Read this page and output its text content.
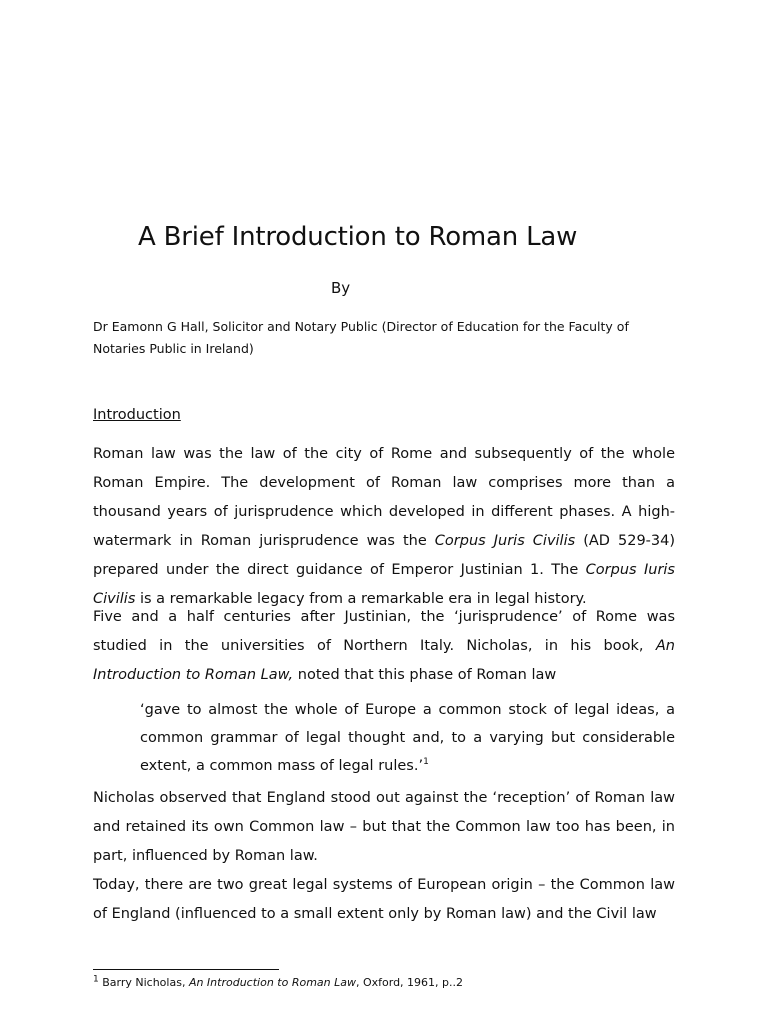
A Brief Introduction to Roman Law
By
Dr Eamonn G Hall, Solicitor and Notary Public (Director of Education for the Faculty of Notaries Public in Ireland)
Introduction

Roman law was the law of the city of Rome and subsequently of the whole Roman Empire. The development of Roman law comprises more than a thousand years of jurisprudence which developed in different phases. A high-watermark in Roman jurisprudence was the Corpus Juris Civilis (AD 529-34) prepared under the direct guidance of Emperor Justinian 1. The Corpus Iuris Civilis is a remarkable legacy from a remarkable era in legal history.

Five and a half centuries after Justinian, the ‘jurisprudence’ of Rome was studied in the universities of Northern Italy. Nicholas, in his book, An Introduction to Roman Law, noted that this phase of Roman law

‘gave to almost the whole of Europe a common stock of legal ideas, a common grammar of legal thought and, to a varying but considerable extent, a common mass of legal rules.’$^1$

Nicholas observed that England stood out against the ‘reception’ of Roman law and retained its own Common law – but that the Common law too has been, in part, influenced by Roman law.

Today, there are two great legal systems of European origin – the Common law of England (influenced to a small extent only by Roman law) and the Civil law

$^1$ Barry Nicholas, An Introduction to Roman Law, Oxford, 1961, p..2
